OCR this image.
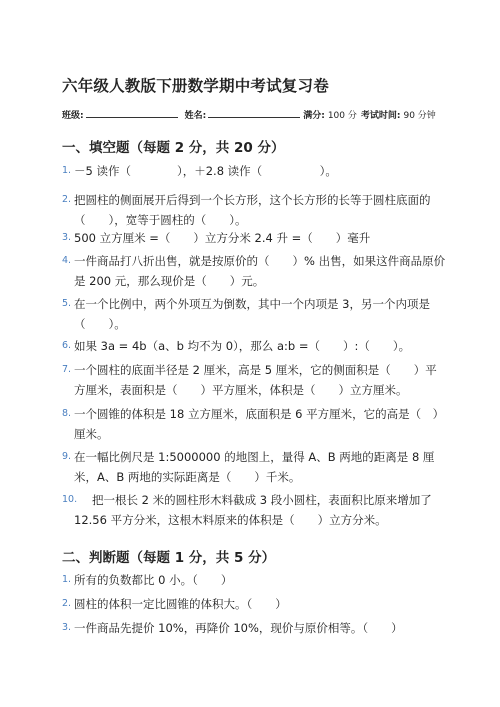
六年级人教版下册数学期中考试复习卷
班级:	姓名:	满分: 100 分 考试时间: 90 分钟
一、填空题（每题 2 分，共 20 分）
1. －5 读作（　　　　），＋2.8 读作（　　　　　）。
2. 把圆柱的侧面展开后得到一个长方形，这个长方形的长等于圆柱底面的（　　），宽等于圆柱的（　　）。
3. 500 立方厘米 =（　　）立方分米 2.4 升 =（　　）毫升
4. 一件商品打八折出售，就是按原价的（　　）% 出售，如果这件商品原价是 200 元，那么现价是（　　）元。
5. 在一个比例中，两个外项互为倒数，其中一个内项是 3，另一个内项是（　　）。
6. 如果 3a = 4b（a、b 均不为 0），那么 a:b =（　　）:（　　）。
7. 一个圆柱的底面半径是 2 厘米，高是 5 厘米，它的侧面积是（　　）平方厘米，表面积是（　　）平方厘米，体积是（　　）立方厘米。
8. 一个圆锥的体积是 18 立方厘米，底面积是 6 平方厘米，它的高是（　）厘米。
9. 在一幅比例尺是 1:5000000 的地图上，量得 A、B 两地的距离是 8 厘米，A、B 两地的实际距离是（　　）千米。
10.	把一根长 2 米的圆柱形木料截成 3 段小圆柱，表面积比原来增加了 12.56 平方分米，这根木料原来的体积是（　　）立方分米。
二、判断题（每题 1 分，共 5 分）
1. 所有的负数都比 0 小。（　　）
2. 圆柱的体积一定比圆锥的体积大。（　　）
3. 一件商品先提价 10%，再降价 10%，现价与原价相等。（　　）
